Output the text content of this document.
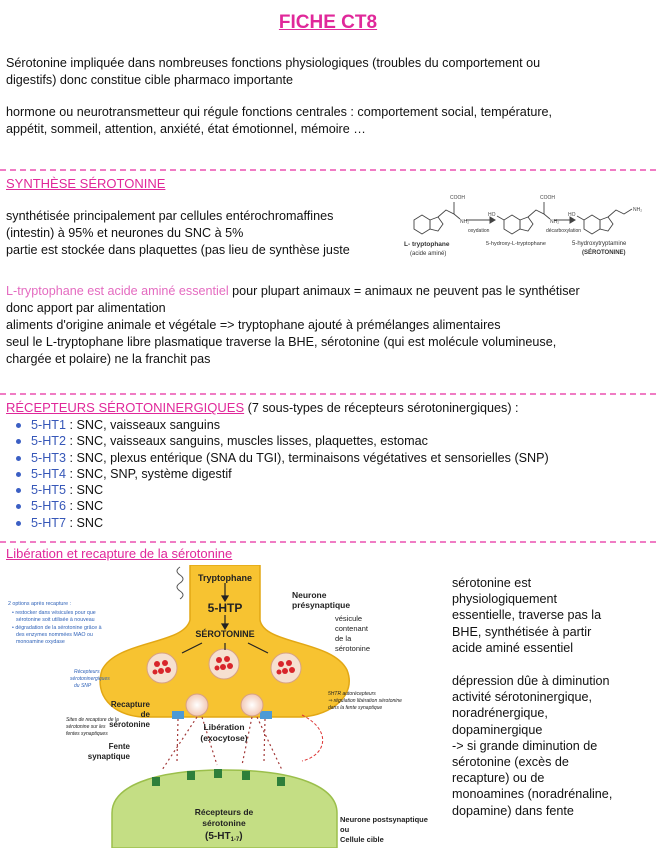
FICHE CT8
Sérotonine impliquée dans nombreuses fonctions physiologiques (troubles du comportement ou
digestifs) donc constitue cible pharmaco importante
hormone ou neurotransmetteur qui régule fonctions centrales : comportement social, température,
appétit, sommeil, attention, anxiété, état émotionnel, mémoire …
SYNTHÈSE SÉROTONINE
synthétisée principalement par cellules entérochromaffines
(intestin) à 95% et neurones du SNC à 5%
partie est stockée dans plaquettes (pas lieu de synthèse juste
COOH
NH₂
COOH
NH₂
HO	HO
NH₂
L- tryptophane
(acide aminé)
5-hydroxy-L-tryptophane
oxydation	décarboxylation
5-hydroxytryptamine
(SÉROTONINE)
L-tryptophane est acide aminé essentiel pour plupart animaux = animaux ne peuvent pas le synthétiser
donc apport par alimentation
aliments d'origine animale et végétale => tryptophane ajouté à prémélanges alimentaires
seul le L-tryptophane libre plasmatique traverse la BHE, sérotonine (qui est molécule volumineuse,
chargée et polaire) ne la franchit pas
RÉCEPTEURS SÉROTONINERGIQUES (7 sous-types de récepteurs sérotoninergiques) :
5-HT1 : SNC, vaisseaux sanguins
5-HT2 : SNC, vaisseaux sanguins, muscles lisses, plaquettes, estomac
5-HT3 : SNC, plexus entérique (SNA du TGI), terminaisons végétatives et sensorielles (SNP)
5-HT4 : SNC, SNP, système digestif
5-HT5 : SNC
5-HT6 : SNC
5-HT7 : SNC
Libération et recapture de la sérotonine
Tryptophane
5-HTP
SÉROTONINE
Libération
(exocytose)
Récepteurs de
sérotonine
$(5-HT_{1-7})$
Neurone
présynaptique
vésicule
contenant
de la
sérotonine
Neurone postsynaptique
ou
Cellule cible
Recapture
de
sérotonine
Fente
synaptique
2 options après recapture :
• restocker dans vésicules pour que
sérotonine soit utilisée à nouveau
• dégradation de la sérotonine grâce à
des enzymes nommées MAO ou
monoamine oxydase
Récepteurs
sérotoninergiques
du SNP
Sites de recapture de la
sérotonine sur les
fentes synaptiques
5HTR autorécepteurs
⇒ régulation libération sérotonine
dans la fente synaptique
sérotonine est
physiologiquement
essentielle, traverse pas la
BHE, synthétisée à partir
acide aminé essentiel
dépression dûe à diminution
activité sérotoninergique,
noradrénergique,
dopaminergique
-> si grande diminution de
sérotonine (excès de
recapture) ou de
monoamines (noradrénaline,
dopamine) dans fente
